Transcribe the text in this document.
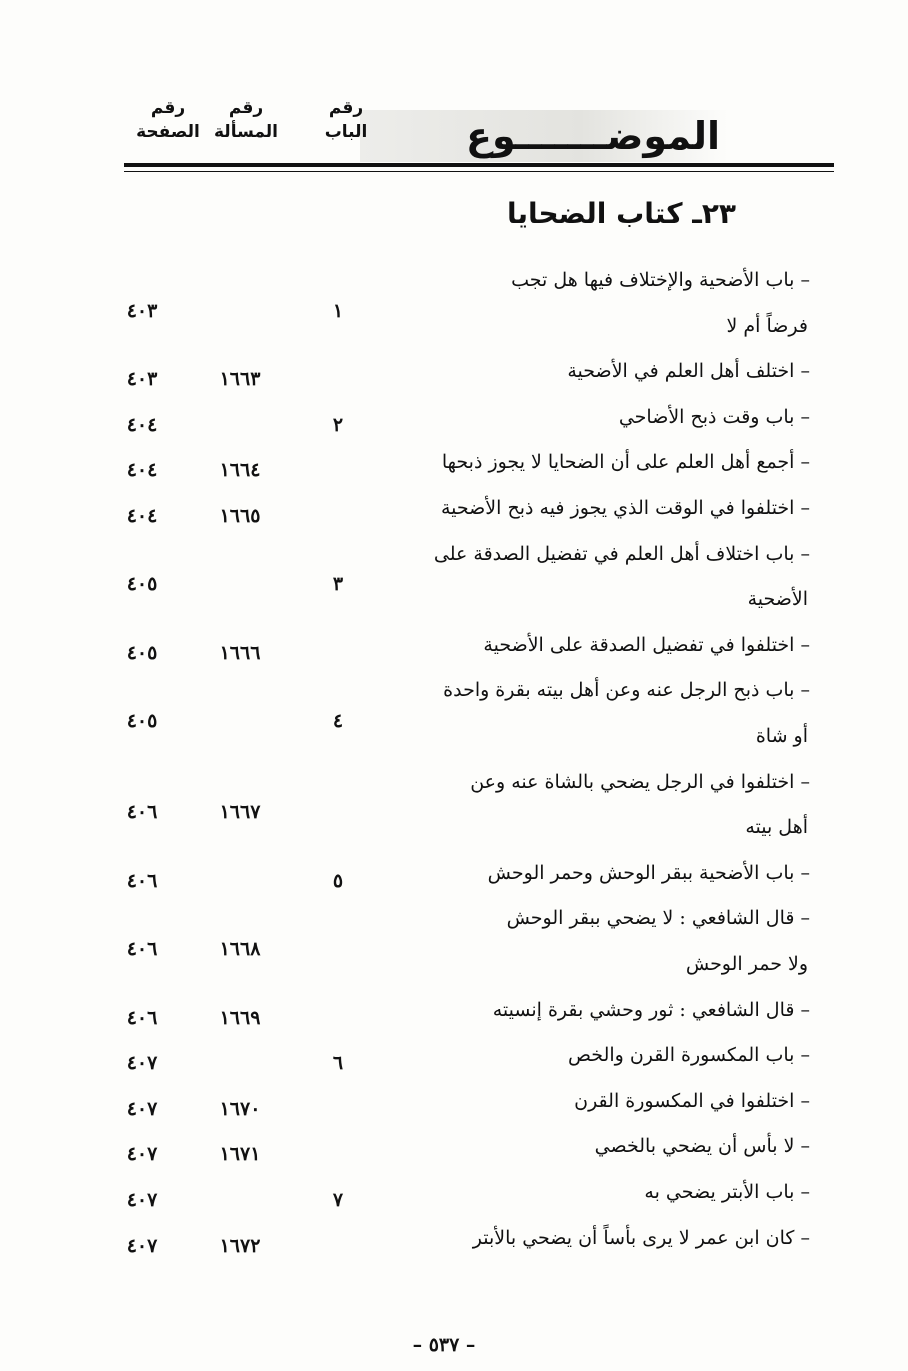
الموضـــــــوع
رقم
الباب
رقم
المسألة
رقم
الصفحة
٢٣ـ كتاب الضحايا
– باب الأضحية والإختلاف فيها هل تجب
فرضاً أم لا
١
٤٠٣
– اختلف أهل العلم في الأضحية
١٦٦٣
٤٠٣
– باب وقت ذبح الأضاحي
٢
٤٠٤
– أجمع أهل العلم على أن الضحايا لا يجوز ذبحها
١٦٦٤
٤٠٤
– اختلفوا في الوقت الذي يجوز فيه ذبح الأضحية
١٦٦٥
٤٠٤
– باب اختلاف أهل العلم في تفضيل الصدقة على
الأضحية
٣
٤٠٥
– اختلفوا في تفضيل الصدقة على الأضحية
١٦٦٦
٤٠٥
– باب ذبح الرجل عنه وعن أهل بيته بقرة واحدة
أو شاة
٤
٤٠٥
– اختلفوا في الرجل يضحي بالشاة عنه وعن
أهل بيته
١٦٦٧
٤٠٦
– باب الأضحية ببقر الوحش وحمر الوحش
٥
٤٠٦
– قال الشافعي : لا يضحي ببقر الوحش
ولا حمر الوحش
١٦٦٨
٤٠٦
– قال الشافعي : ثور وحشي بقرة إنسيته
١٦٦٩
٤٠٦
– باب المكسورة القرن والخص
٦
٤٠٧
– اختلفوا في المكسورة القرن
١٦٧٠
٤٠٧
– لا بأس أن يضحي بالخصي
١٦٧١
٤٠٧
– باب الأبتر يضحي به
٧
٤٠٧
– كان ابن عمر لا يرى بأساً أن يضحي بالأبتر
١٦٧٢
٤٠٧
– ٥٣٧ –
